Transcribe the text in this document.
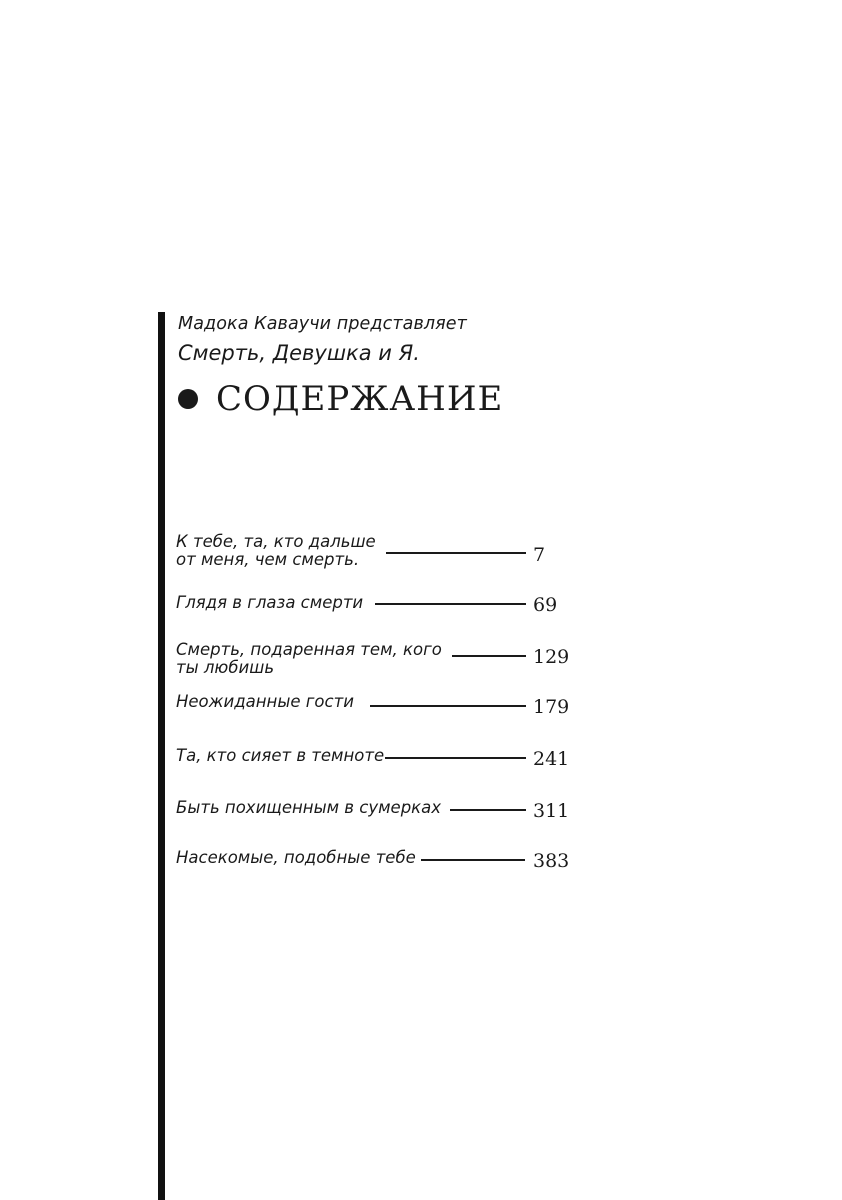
Мадока Каваучи представляет
Смерть, Девушка и Я.
СОДЕРЖАНИЕ
К тебе, та, кто дальше
от меня, чем смерть.	7
Глядя в глаза смерти	69
Смерть, подаренная тем, кого
ты любишь	129
Неожиданные гости	179
Та, кто сияет в темноте	241
Быть похищенным в сумерках	311
Насекомые, подобные тебе	383
